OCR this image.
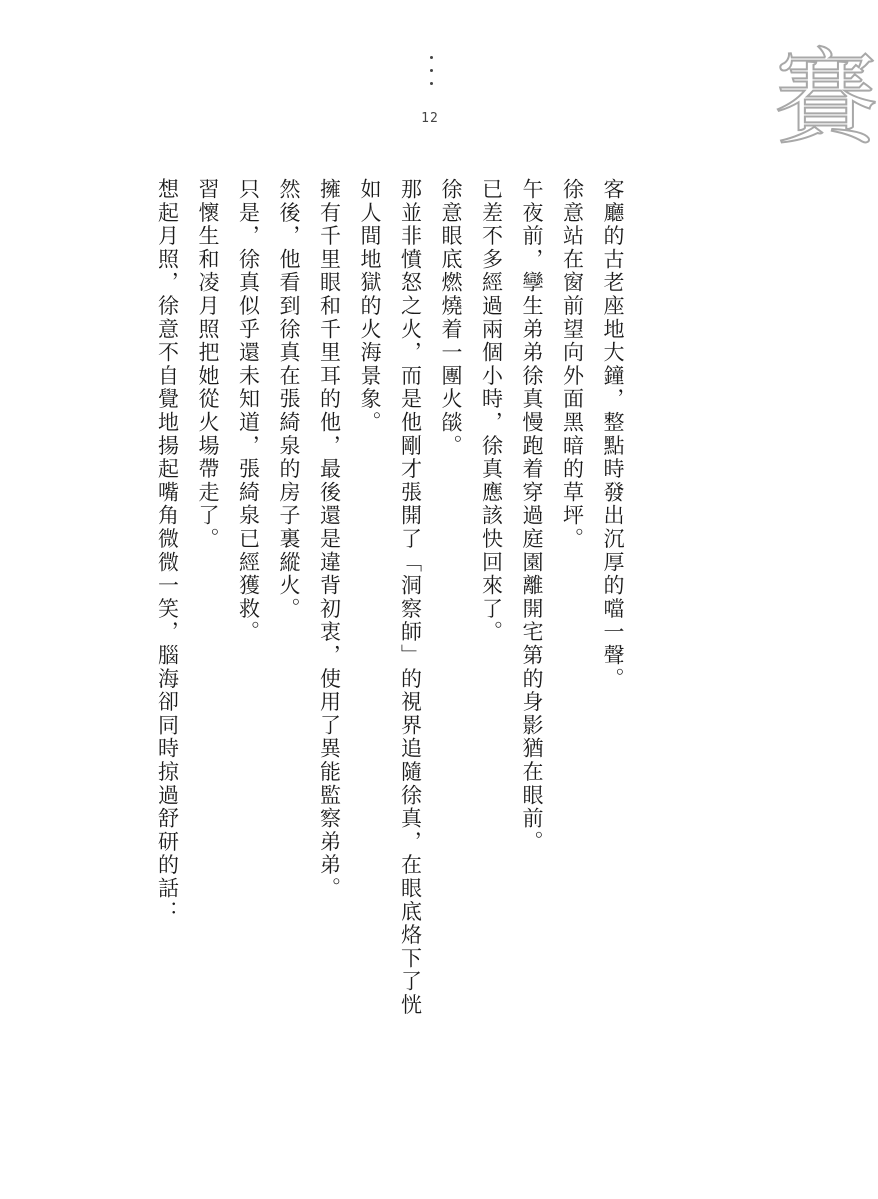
12	賽

客廳的古老座地大鐘，整點時發出沉厚的噹一聲。

徐意站在窗前望向外面黑暗的草坪。

午夜前，孿生弟弟徐真慢跑着穿過庭園離開宅第的身影猶在眼前。

已差不多經過兩個小時，徐真應該快回來了。

徐意眼底燃燒着一團火燄。

那並非憤怒之火，而是他剛才張開了「洞察師」的視界追隨徐真，在眼底烙下了恍

如人間地獄的火海景象。

擁有千里眼和千里耳的他，最後還是違背初衷，使用了異能監察弟弟。

然後，他看到徐真在張綺泉的房子裏縱火。

只是，徐真似乎還未知道，張綺泉已經獲救。

習懷生和凌月照把她從火場帶走了。

想起月照，徐意不自覺地揚起嘴角微微一笑，腦海卻同時掠過舒研的話：
